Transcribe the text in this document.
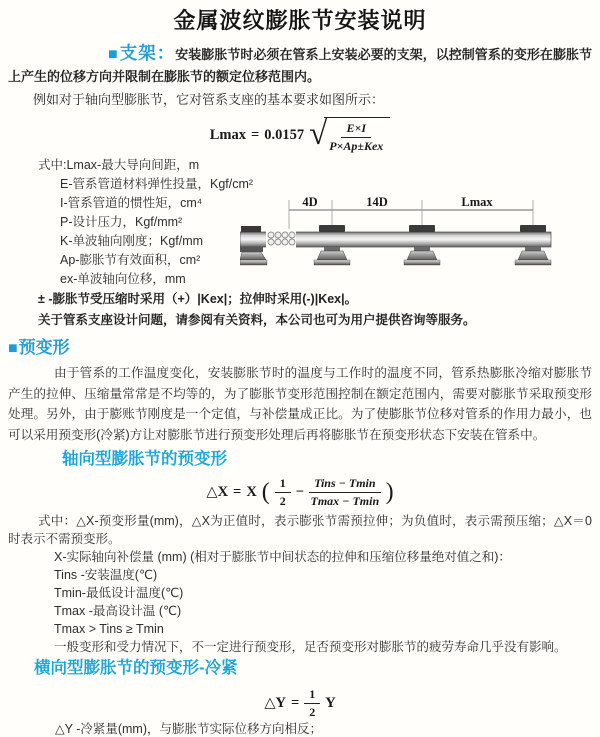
金属波纹膨胀节安装说明

■支架：安装膨胀节时必须在管系上安装必要的支架，以控制管系的变形在膨胀节上产生的位移方向并限制在膨胀节的额定位移范围内。

例如对于轴向型膨胀节，它对管系支座的基本要求如图所示：

Lmax = 0.0157 √ $\frac{E\times I}{\text{P×Ap±Kex}}$
式中:Lmax-最大导向间距，m
E-管系管道材料弹性投量，Kgf/cm²
I-管系管道的惯性矩，cm⁴
P-设计压力，Kgf/mm²
K-单波轴向刚度；Kgf/mm
Ap-膨胀节有效面积，cm²
ex-单波轴向位移，mm
± -膨胀节受压缩时采用（+）|Kex|；拉伸时采用(-)|Kex|。
关于管系支座设计问题，请参阅有关资料，本公司也可为用户提供咨询等服务。
4D	14D	Lmax
■预变形

由于管系的工作温度变化，安装膨胀节时的温度与工作时的温度不同，管系热膨胀冷缩对膨胀节产生的拉伸、压缩量常常是不均等的，为了膨胀节变形范围控制在额定范围内，需要对膨胀节采取预变形处理。另外，由于膨账节刚度是一个定值，与补偿量成正比。为了使膨胀节位移对管系的作用力最小，也可以采用预变形(冷紧)方让对膨胀节进行预变形处理后再将膨胀节在预变形状态下安装在管系中。

轴向型膨胀节的预变形
△X = X ( $\frac{1}{2} - \frac{\text{Tins − Tmin}}{Tmax - Tmin}$ )
式中：△X-预变形量(mm)，△X为正值时，表示膨张节需预拉伸；为负值时，表示需预压缩；△X＝0时表示不需预变形。
X-实际轴向补偿量 (mm) (相对于膨胀节中间状态的拉伸和压缩位移量绝对值之和)：
Tins -安装温度(℃)
Tmin-最低设计温度(℃)
Tmax -最高设计温 (℃)
Tmax > Tins ≥ Tmin
一般变形和受力情况下，不一定进行预变形，足否预变形对膨胀节的疲劳寿命几乎没有影响。
横向型膨胀节的预变形-冷紧
△Y = $\frac{1}{2}$ Y

△Y -冷紧量(mm)，与膨胀节实际位移方向相反；
